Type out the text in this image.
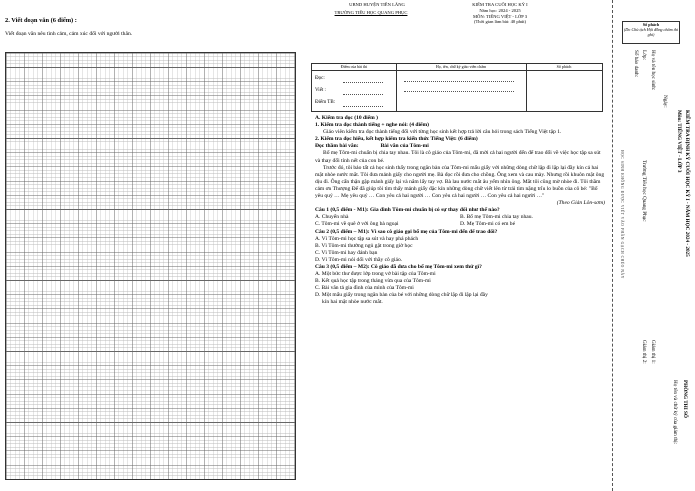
2. Viết đoạn văn (6 điểm) :
Viết đoạn văn nêu tình cảm, cảm xúc đối với người thân.
UBND HUYỆN TIÊN LÃNG
TRƯỜNG TIỂU HỌC QUANG PHỤC
KIỂM TRA CUỐI HỌC KỲ I
Năm học: 2024 - 2025
MÔN: TIẾNG VIỆT - LỚP 3
(Thời gian làm bài: 40 phút)
Điểm của bài thi	Họ, tên, chữ ký giáo viên chấm	Số phách
Đọc:
Viết :
Điểm TB:

A. Kiểm tra đọc (10 điểm )

1. Kiểm tra đọc thành tiếng + nghe nói: (4 điểm)

Giáo viên kiểm tra đọc thành tiếng đối với từng học sinh kết hợp trả lời câu hỏi trong sách Tiếng Việt tập 1.

2. Kiểm tra đọc hiểu, kết hợp kiểm tra kiến thức Tiếng Việt: (6 điểm)

Đọc thầm bài văn:	Bài văn của Tôm-mi

Bố mẹ Tôm-mi chuẩn bị chia tay nhau. Tôi là cô giáo của Tôm-mi, đã mời cả hai người đến để trao đổi về việc học tập sa sút và thay đổi tính nết của con bé.

Trước đó, tôi bảo tất cả học sinh thấy trong ngăn bàn của Tôm-mi mẩu giấy với những dòng chữ lặp đi lặp lại đầy kín cả hai mặt nhòe nước mắt. Tôi đưa mảnh giấy cho người mẹ. Bà đọc rồi đưa cho chồng. Ông xem và cau mày. Nhưng rồi khuôn mặt ông dịu đi. Ông cẩn thận gập mảnh giấy lại và nắm lấy tay vợ. Bà lau nước mắt âu yếm nhìn ông. Mắt tôi cũng mờ nhòe đi. Tôi thầm cảm ơn Thượng Đế đã giúp tôi tìm thấy mảnh giấy đặc kín những dòng chữ viết lên từ trái tim nặng trĩu lo buồn của cô bé: "Bố yêu quý … Mẹ yêu quý … Con yêu cả hai người … Con yêu cả hai người … Con yêu cả hai người …"

(Theo Giản Lôn-sơm)

Câu 1 (0,5 điểm - M1): Gia đình Tôm-mi chuẩn bị có sự thay đổi như thế nào?

A. Chuyển nhà	B. Bố mẹ Tôm-mi chia tay nhau.
C. Tôm-mi về quê ở với ông bà ngoại	D. Mẹ Tôm-mi có em bé

Câu 2 (0,5 điểm – M1): Vì sao cô giáo gọi bố mẹ của Tôm-mi đến để trao đổi?

A. Vì Tôm-mi học tập sa sút và hay phá phách

B. Vì Tôm-mi thường ngủ gật trong giờ học

C. Vì Tôm-mi hay đánh bạn

D. Vì Tôm-mi nói dối với thầy cô giáo.

Câu 3 (0,5 điểm – M2): Cô giáo đã đưa cho bố mẹ Tôm-mi xem thứ gì?

A. Một bức thư được lớp trong vở bài tập của Tôm-mi

B. Kết quả học tập trong tháng vừa qua của Tôm-mi

C. Bài văn tả gia đình của mình của Tôm-mi

D. Một mẩu giấy trong ngăn bàn của bé với những dòng chữ lặp đi lặp lại đầy

kín hai mặt nhòe nước mắt.

Số phách
(Do Chủ tịch Hội đồng chấm thi ghi)
KIỂM TRA ĐỊNH KỲ CUỐI HỌC KỲ I - NĂM HỌC 2024 - 2025
Môn: TIẾNG VIỆT - LỚP 3
PHÒNG THI SỐ
Họ tên và chữ ký của giám thị:
Ngày:
Họ và tên học sinh:
Lớp:
Số báo danh:
Trường Tiểu học Quang Phục
Giám thị 1:
Giám thị 2:
HỌC SINH KHÔNG ĐƯỢC VIẾT VÀO PHẦN GẠCH CHÉO NÀY
